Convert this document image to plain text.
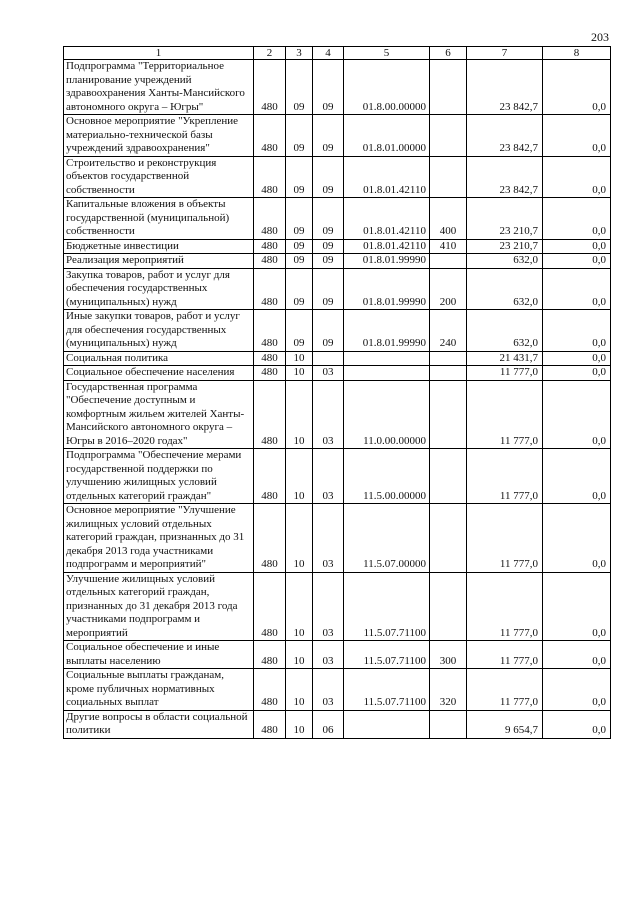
203
1	2	3	4	5	6	7	8
Подпрограмма "Территориальное планирование учреждений здравоохранения Ханты-Мансийского автономного округа – Югры"	480	09	09	01.8.00.00000		23 842,7	0,0
Основное мероприятие "Укрепление материально-технической базы учреждений здравоохранения"	480	09	09	01.8.01.00000		23 842,7	0,0
Строительство и реконструкция объектов государственной собственности	480	09	09	01.8.01.42110		23 842,7	0,0
Капитальные вложения в объекты государственной (муниципальной) собственности	480	09	09	01.8.01.42110	400	23 210,7	0,0
Бюджетные инвестиции	480	09	09	01.8.01.42110	410	23 210,7	0,0
Реализация мероприятий	480	09	09	01.8.01.99990		632,0	0,0
Закупка товаров, работ и услуг для обеспечения государственных (муниципальных) нужд	480	09	09	01.8.01.99990	200	632,0	0,0
Иные закупки товаров, работ и услуг для обеспечения государственных (муниципальных) нужд	480	09	09	01.8.01.99990	240	632,0	0,0
Социальная политика	480	10				21 431,7	0,0
Социальное обеспечение населения	480	10	03			11 777,0	0,0
Государственная программа "Обеспечение доступным и комфортным жильем жителей Ханты-Мансийского автономного округа – Югры в 2016–2020 годах"	480	10	03	11.0.00.00000		11 777,0	0,0
Подпрограмма "Обеспечение мерами государственной поддержки по улучшению жилищных условий отдельных категорий граждан"	480	10	03	11.5.00.00000		11 777,0	0,0
Основное мероприятие "Улучшение жилищных условий отдельных категорий граждан, признанных до 31 декабря 2013 года участниками подпрограмм и мероприятий"	480	10	03	11.5.07.00000		11 777,0	0,0
Улучшение жилищных условий отдельных категорий граждан, признанных до 31 декабря 2013 года участниками подпрограмм и мероприятий	480	10	03	11.5.07.71100		11 777,0	0,0
Социальное обеспечение и иные выплаты населению	480	10	03	11.5.07.71100	300	11 777,0	0,0
Социальные выплаты гражданам, кроме публичных нормативных социальных выплат	480	10	03	11.5.07.71100	320	11 777,0	0,0
Другие вопросы в области социальной политики	480	10	06			9 654,7	0,0
